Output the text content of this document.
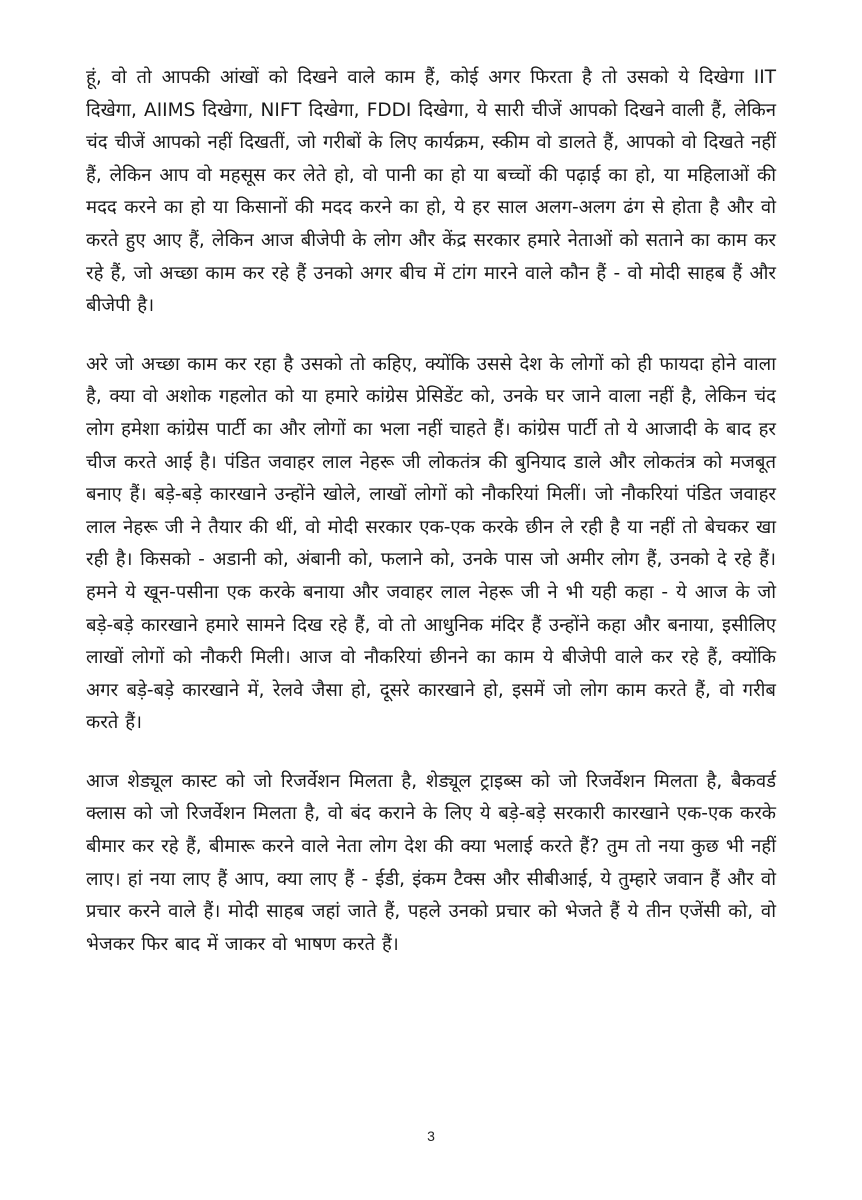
हूं, वो तो आपकी आंखों को दिखने वाले काम हैं, कोई अगर फिरता है तो उसको ये दिखेगा IIT दिखेगा, AIIMS दिखेगा, NIFT दिखेगा, FDDI दिखेगा, ये सारी चीजें आपको दिखने वाली हैं, लेकिन चंद चीजें आपको नहीं दिखतीं, जो गरीबों के लिए कार्यक्रम, स्कीम वो डालते हैं, आपको वो दिखते नहीं हैं, लेकिन आप वो महसूस कर लेते हो, वो पानी का हो या बच्चों की पढ़ाई का हो, या महिलाओं की मदद करने का हो या किसानों की मदद करने का हो, ये हर साल अलग-अलग ढंग से होता है और वो करते हुए आए हैं, लेकिन आज बीजेपी के लोग और केंद्र सरकार हमारे नेताओं को सताने का काम कर रहे हैं, जो अच्छा काम कर रहे हैं उनको अगर बीच में टांग मारने वाले कौन हैं - वो मोदी साहब हैं और बीजेपी है।

अरे जो अच्छा काम कर रहा है उसको तो कहिए, क्योंकि उससे देश के लोगों को ही फायदा होने वाला है, क्या वो अशोक गहलोत को या हमारे कांग्रेस प्रेसिडेंट को, उनके घर जाने वाला नहीं है, लेकिन चंद लोग हमेशा कांग्रेस पार्टी का और लोगों का भला नहीं चाहते हैं। कांग्रेस पार्टी तो ये आजादी के बाद हर चीज करते आई है। पंडित जवाहर लाल नेहरू जी लोकतंत्र की बुनियाद डाले और लोकतंत्र को मजबूत बनाए हैं। बड़े-बड़े कारखाने उन्होंने खोले, लाखों लोगों को नौकरियां मिलीं। जो नौकरियां पंडित जवाहर लाल नेहरू जी ने तैयार की थीं, वो मोदी सरकार एक-एक करके छीन ले रही है या नहीं तो बेचकर खा रही है। किसको - अडानी को, अंबानी को, फलाने को, उनके पास जो अमीर लोग हैं, उनको दे रहे हैं। हमने ये खून-पसीना एक करके बनाया और जवाहर लाल नेहरू जी ने भी यही कहा - ये आज के जो बड़े-बड़े कारखाने हमारे सामने दिख रहे हैं, वो तो आधुनिक मंदिर हैं उन्होंने कहा और बनाया, इसीलिए लाखों लोगों को नौकरी मिली। आज वो नौकरियां छीनने का काम ये बीजेपी वाले कर रहे हैं, क्योंकि अगर बड़े-बड़े कारखाने में, रेलवे जैसा हो, दूसरे कारखाने हो, इसमें जो लोग काम करते हैं, वो गरीब करते हैं।

आज शेड्यूल कास्ट को जो रिजर्वेशन मिलता है, शेड्यूल ट्राइब्स को जो रिजर्वेशन मिलता है, बैकवर्ड क्लास को जो रिजर्वेशन मिलता है, वो बंद कराने के लिए ये बड़े-बड़े सरकारी कारखाने एक-एक करके बीमार कर रहे हैं, बीमारू करने वाले नेता लोग देश की क्या भलाई करते हैं? तुम तो नया कुछ भी नहीं लाए। हां नया लाए हैं आप, क्या लाए हैं - ईडी, इंकम टैक्स और सीबीआई, ये तुम्हारे जवान हैं और वो प्रचार करने वाले हैं। मोदी साहब जहां जाते हैं, पहले उनको प्रचार को भेजते हैं ये तीन एजेंसी को, वो भेजकर फिर बाद में जाकर वो भाषण करते हैं।

3
